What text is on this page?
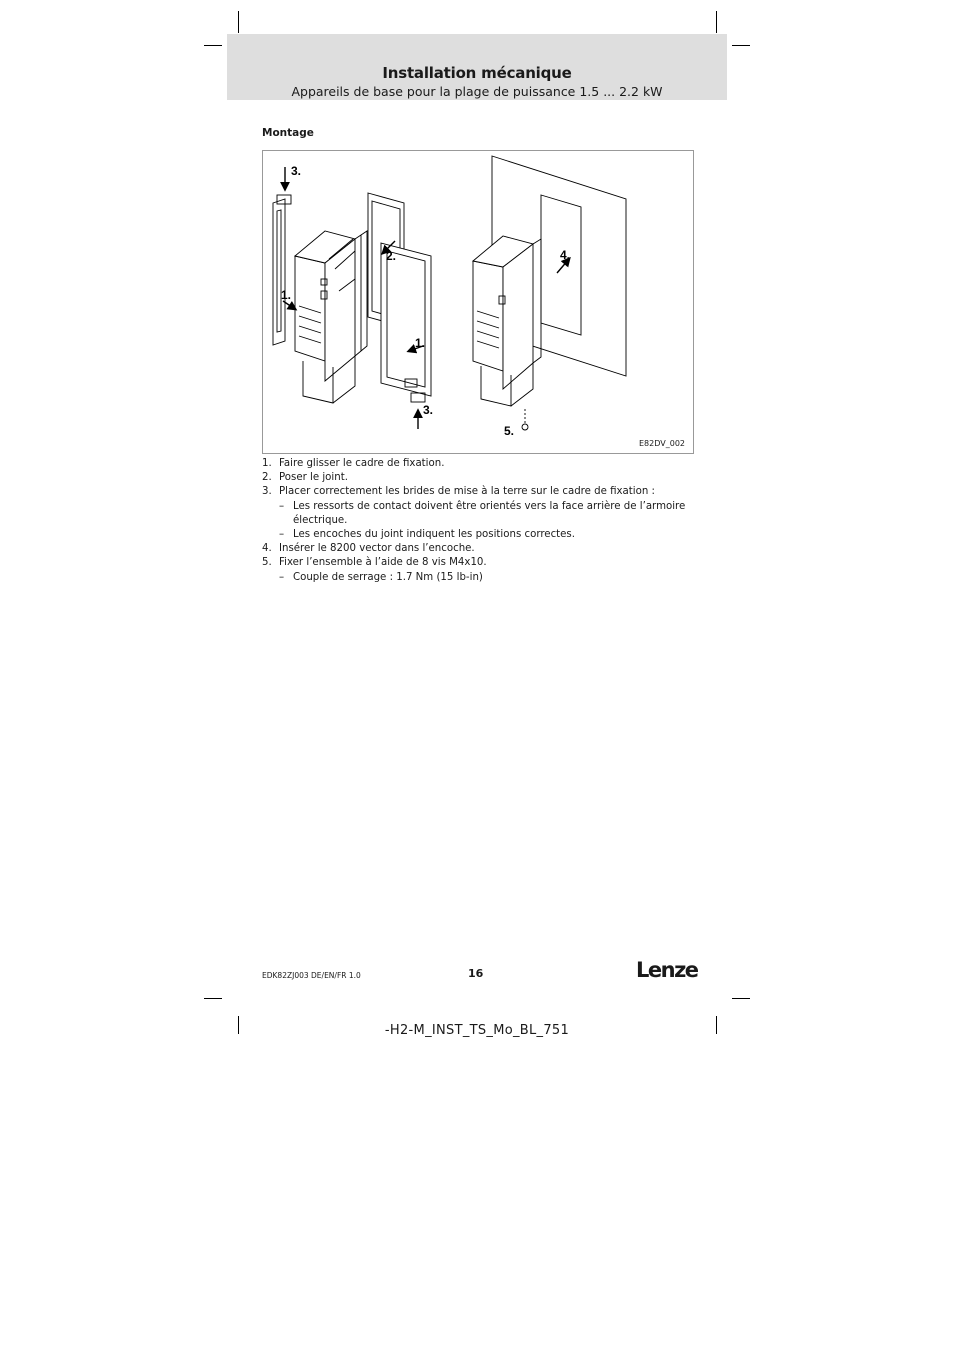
Installation mécanique
Appareils de base pour la plage de puissance 1.5 ... 2.2 kW
Montage
3.
2.
1.
1.
3.
4.
5.
E82DV_002
1. Faire glisser le cadre de fixation.
2. Poser le joint.
3. Placer correctement les brides de mise à la terre sur le cadre de fixation :
– Les ressorts de contact doivent être orientés vers la face arrière de l’armoire électrique.
– Les encoches du joint indiquent les positions correctes.
4. Insérer le 8200 vector dans l’encoche.
5. Fixer l’ensemble à l’aide de 8 vis M4x10.
– Couple de serrage : 1.7 Nm (15 lb-in)
EDK82ZJ003 DE/EN/FR 1.0	16	Lenze
-H2-M_INST_TS_Mo_BL_751
